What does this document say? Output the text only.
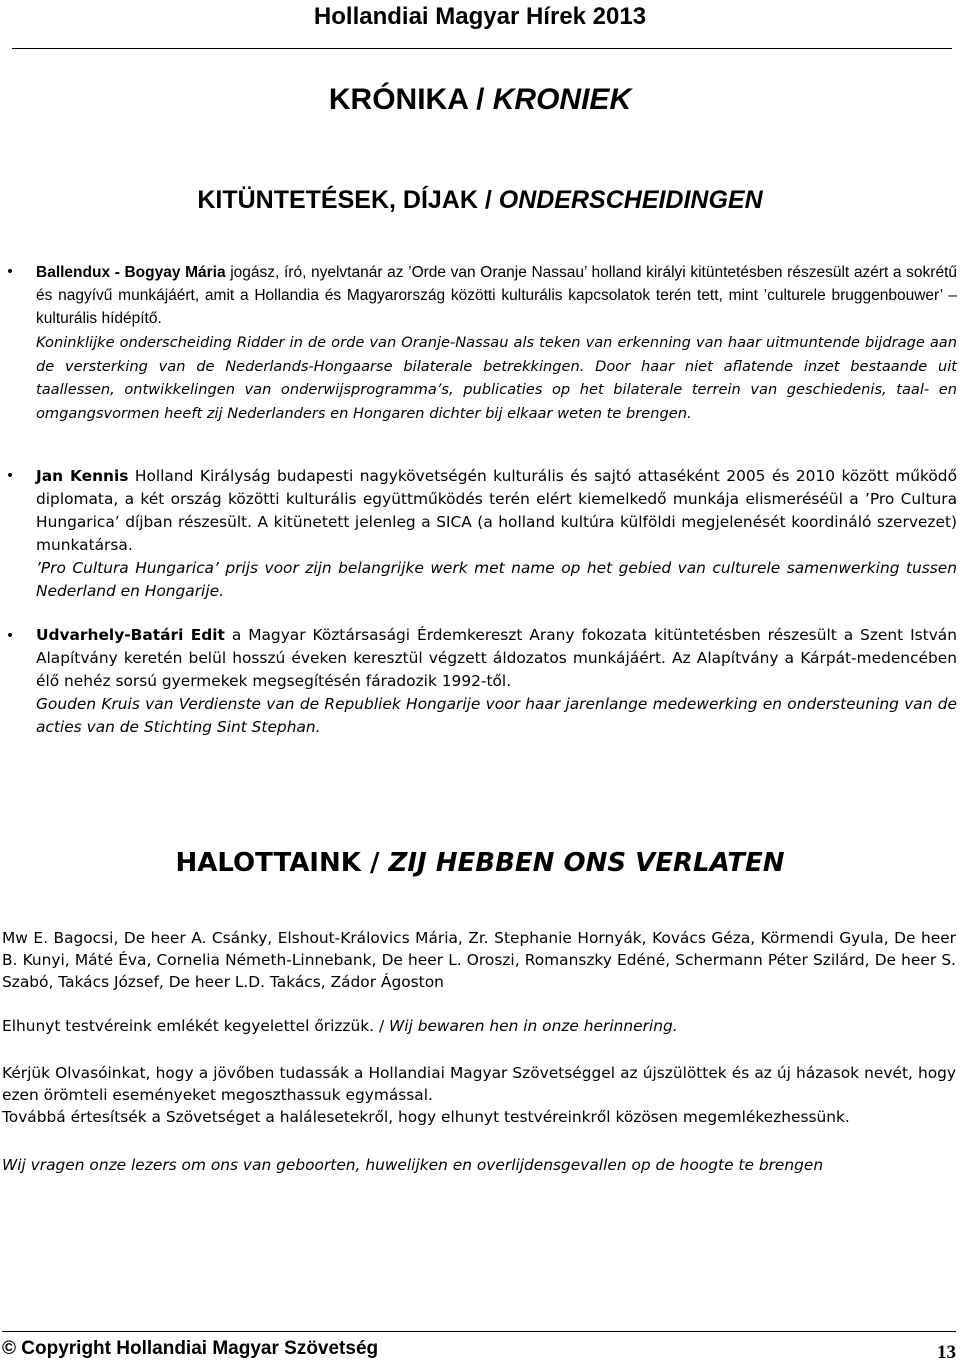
Hollandiai Magyar Hírek 2013
KRÓNIKA / KRONIEK
KITÜNTETÉSEK, DÍJAK / ONDERSCHEIDINGEN
• Ballendux - Bogyay Mária jogász, író, nyelvtanár az ’Orde van Oranje Nassau’ holland királyi kitüntetésben részesült azért a sokrétű és nagyívű munkájáért, amit a Hollandia és Magyarország közötti kulturális kapcsolatok terén tett, mint ’culturele bruggenbouwer’ – kulturális hídépítő.

Koninklijke onderscheiding Ridder in de orde van Oranje-Nassau als teken van erkenning van haar uitmuntende bijdrage aan de versterking van de Nederlands-Hongaarse bilaterale betrekkingen. Door haar niet aflatende inzet bestaande uit taallessen, ontwikkelingen van onderwijsprogramma’s, publicaties op het bilaterale terrein van geschiedenis, taal- en omgangsvormen heeft zij Nederlanders en Hongaren dichter bij elkaar weten te brengen.

• Jan Kennis Holland Királyság budapesti nagykövetségén kulturális és sajtó attaséként 2005 és 2010 között működő diplomata, a két ország közötti kulturális együttműködés terén elért kiemelkedő munkája elismeréséül a ’Pro Cultura Hungarica’ díjban részesült. A kitünetett jelenleg a SICA (a holland kultúra külföldi megjelenését koordináló szervezet) munkatársa.

’Pro Cultura Hungarica’ prijs voor zijn belangrijke werk met name op het gebied van culturele samenwerking tussen Nederland en Hongarije.

• Udvarhely-Batári Edit a Magyar Köztársasági Érdemkereszt Arany fokozata kitüntetésben részesült a Szent István Alapítvány keretén belül hosszú éveken keresztül végzett áldozatos munkájáért. Az Alapítvány a Kárpát-medencében élő nehéz sorsú gyermekek megsegítésén fáradozik 1992-től.

Gouden Kruis van Verdienste van de Republiek Hongarije voor haar jarenlange medewerking en ondersteuning van de acties van de Stichting Sint Stephan.

HALOTTAINK / ZIJ HEBBEN ONS VERLATEN
Mw E. Bagocsi, De heer A. Csánky, Elshout-Královics Mária, Zr. Stephanie Hornyák, Kovács Géza, Körmendi Gyula, De heer B. Kunyi, Máté Éva, Cornelia Németh-Linnebank, De heer L. Oroszi, Romanszky Edéné, Schermann Péter Szilárd, De heer S. Szabó, Takács József, De heer L.D. Takács, Zádor Ágoston
Elhunyt testvéreink emlékét kegyelettel őrizzük. / Wij bewaren hen in onze herinnering.

Kérjük Olvasóinkat, hogy a jövőben tudassák a Hollandiai Magyar Szövetséggel az újszülöttek és az új házasok nevét, hogy ezen örömteli eseményeket megoszthassuk egymással.

Továbbá értesítsék a Szövetséget a halálesetekről, hogy elhunyt testvéreinkről közösen megemlékezhessünk.

Wij vragen onze lezers om ons van geboorten, huwelijken en overlijdensgevallen op de hoogte te brengen
© Copyright Hollandiai Magyar Szövetség	13
